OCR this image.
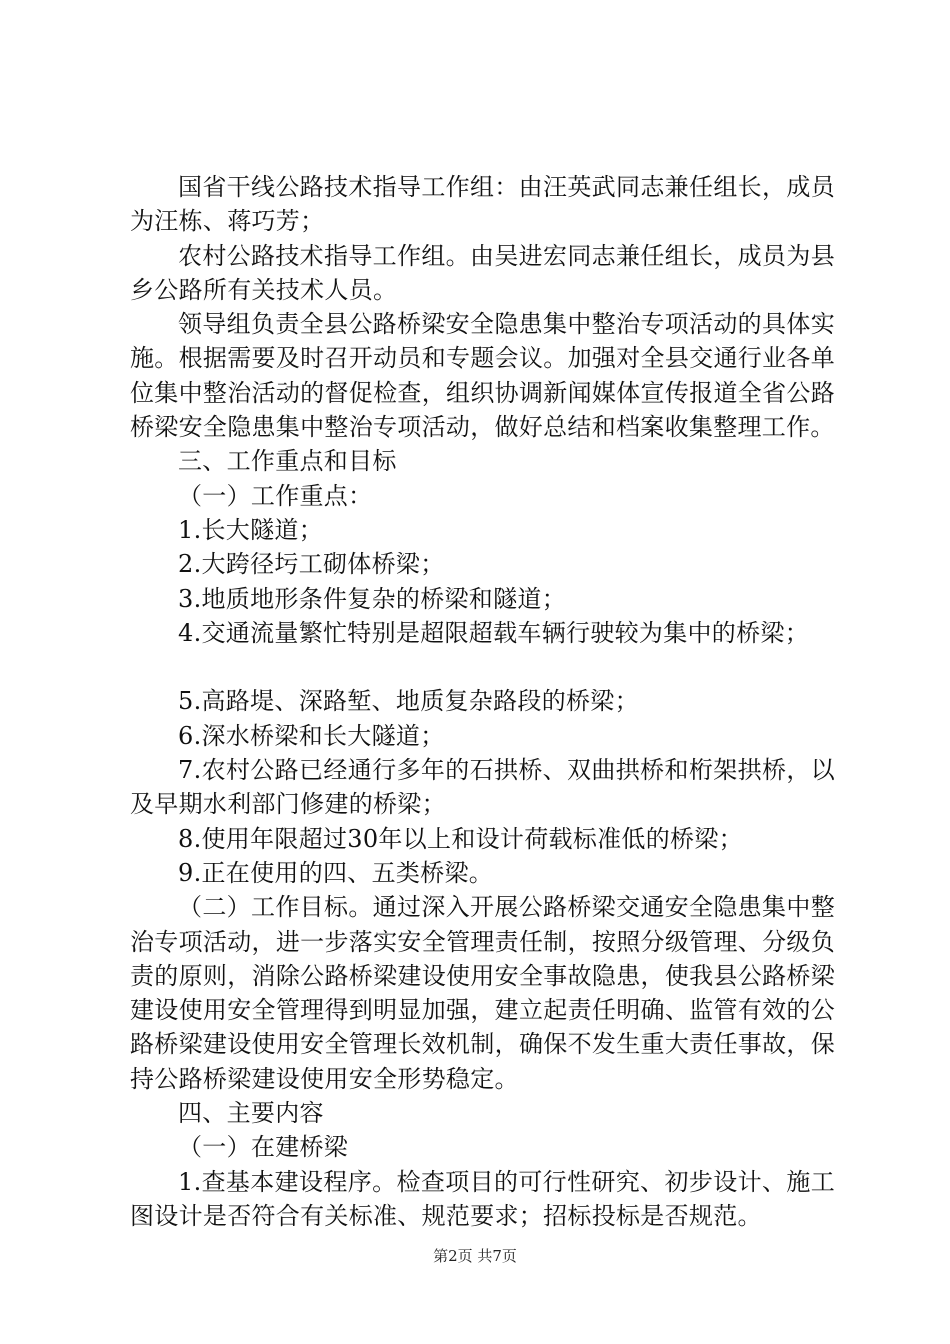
国省干线公路技术指导工作组：由汪英武同志兼任组长，成员为汪栋、蒋巧芳；

农村公路技术指导工作组。由吴进宏同志兼任组长，成员为县乡公路所有关技术人员。

领导组负责全县公路桥梁安全隐患集中整治专项活动的具体实施。根据需要及时召开动员和专题会议。加强对全县交通行业各单位集中整治活动的督促检查，组织协调新闻媒体宣传报道全省公路桥梁安全隐患集中整治专项活动，做好总结和档案收集整理工作。

三、工作重点和目标

（一）工作重点：

1.长大隧道；

2.大跨径圬工砌体桥梁；

3.地质地形条件复杂的桥梁和隧道；

4.交通流量繁忙特别是超限超载车辆行驶较为集中的桥梁；

5.高路堤、深路堑、地质复杂路段的桥梁；

6.深水桥梁和长大隧道；

7.农村公路已经通行多年的石拱桥、双曲拱桥和桁架拱桥，以及早期水利部门修建的桥梁；

8.使用年限超过30年以上和设计荷载标准低的桥梁；

9.正在使用的四、五类桥梁。

（二）工作目标。通过深入开展公路桥梁交通安全隐患集中整治专项活动，进一步落实安全管理责任制，按照分级管理、分级负责的原则，消除公路桥梁建设使用安全事故隐患，使我县公路桥梁建设使用安全管理得到明显加强，建立起责任明确、监管有效的公路桥梁建设使用安全管理长效机制，确保不发生重大责任事故，保持公路桥梁建设使用安全形势稳定。

四、主要内容

（一）在建桥梁

1.查基本建设程序。检查项目的可行性研究、初步设计、施工图设计是否符合有关标准、规范要求；招标投标是否规范。

第2页 共7页
